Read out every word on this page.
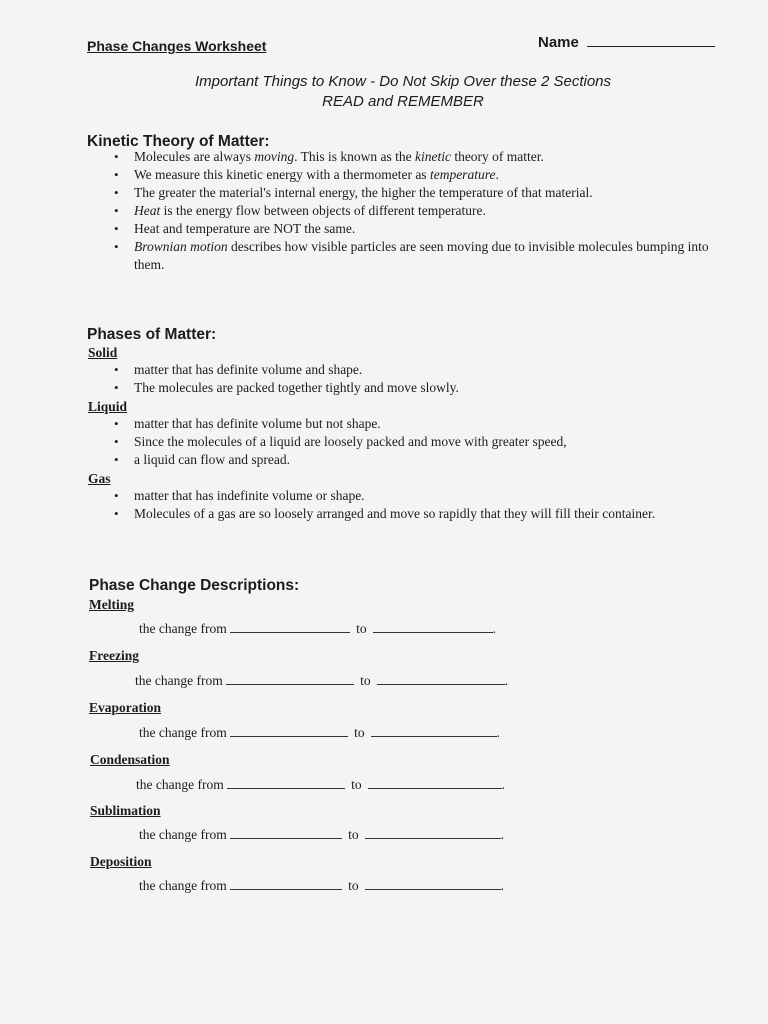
Phase Changes Worksheet	Name
Important Things to Know - Do Not Skip Over these 2 Sections
READ and REMEMBER
Kinetic Theory of Matter:
• Molecules are always moving. This is known as the kinetic theory of matter.
• We measure this kinetic energy with a thermometer as temperature.
• The greater the material's internal energy, the higher the temperature of that material.
• Heat is the energy flow between objects of different temperature.
• Heat and temperature are NOT the same.
• Brownian motion describes how visible particles are seen moving due to invisible molecules bumping into them.
Phases of Matter:
Solid
• matter that has definite volume and shape.
• The molecules are packed together tightly and move slowly.
Liquid
• matter that has definite volume but not shape.
• Since the molecules of a liquid are loosely packed and move with greater speed,
• a liquid can flow and spread.
Gas
• matter that has indefinite volume or shape.
• Molecules of a gas are so loosely arranged and move so rapidly that they will fill their container.
Phase Change Descriptions:
Melting
the change from	to	.
Freezing
the change from	to	.
Evaporation
the change from	to	.
Condensation
the change from	to	.
Sublimation
the change from	to	.
Deposition
the change from	to	.
